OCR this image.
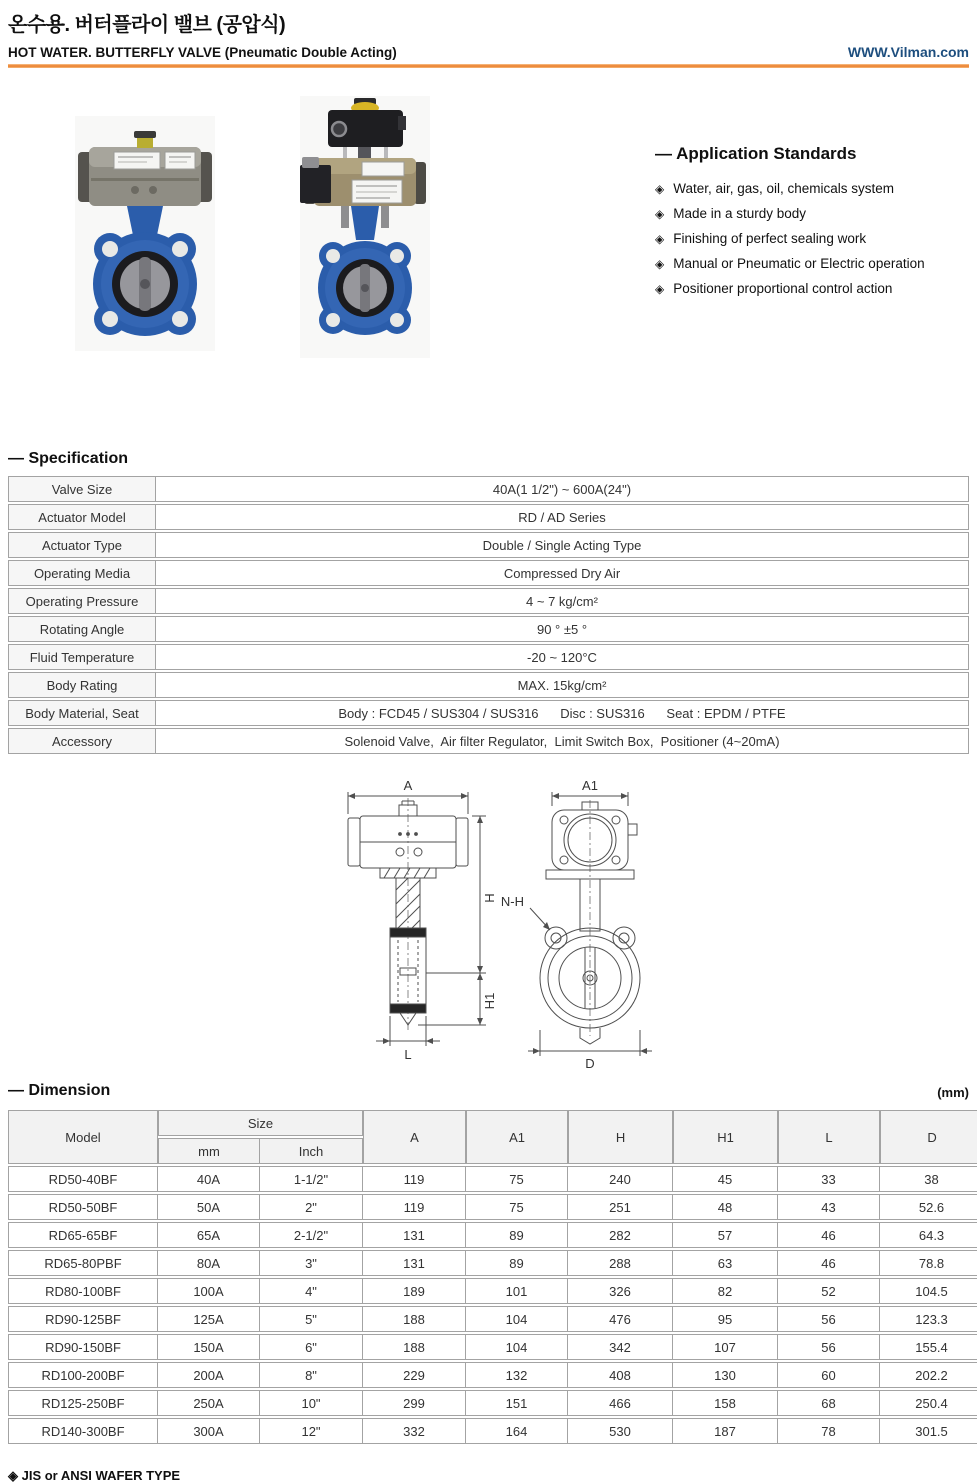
온수용. 버터플라이 밸브 (공압식)
HOT WATER. BUTTERFLY VALVE (Pneumatic Double Acting)	WWW.Vilman.com
— Application Standards
◈ Water, air, gas, oil, chemicals system
◈ Made in a sturdy body
◈ Finishing of perfect sealing work
◈ Manual or Pneumatic or Electric operation
◈ Positioner proportional control action
— Specification
Valve Size	40A(1 1/2") ~ 600A(24")
Actuator Model	RD / AD Series
Actuator Type	Double / Single Acting Type
Operating Media	Compressed Dry Air
Operating Pressure	4 ~ 7 kg/cm²
Rotating Angle	90 ° ±5 °
Fluid Temperature	-20 ~ 120°C
Body Rating	MAX. 15kg/cm²
Body Material, Seat	Body : FCD45 / SUS304 / SUS316      Disc : SUS316      Seat : EPDM / PTFE
Accessory	Solenoid Valve,  Air filter Regulator,  Limit Switch Box,  Positioner (4~20mA)
A
H
H1
L
A1
N-H
D
— Dimension	(mm)
Model	Size		A	A1	H	H1	L	D
	mm	Inch						
RD50-40BF	40A	1-1/2"	119	75	240	45	33	38
RD50-50BF	50A	2"	119	75	251	48	43	52.6
RD65-65BF	65A	2-1/2"	131	89	282	57	46	64.3
RD65-80PBF	80A	3"	131	89	288	63	46	78.8
RD80-100BF	100A	4"	189	101	326	82	52	104.5
RD90-125BF	125A	5"	188	104	476	95	56	123.3
RD90-150BF	150A	6"	188	104	342	107	56	155.4
RD100-200BF	200A	8"	229	132	408	130	60	202.2
RD125-250BF	250A	10"	299	151	466	158	68	250.4
RD140-300BF	300A	12"	332	164	530	187	78	301.5
◈ JIS or ANSI WAFER TYPE
